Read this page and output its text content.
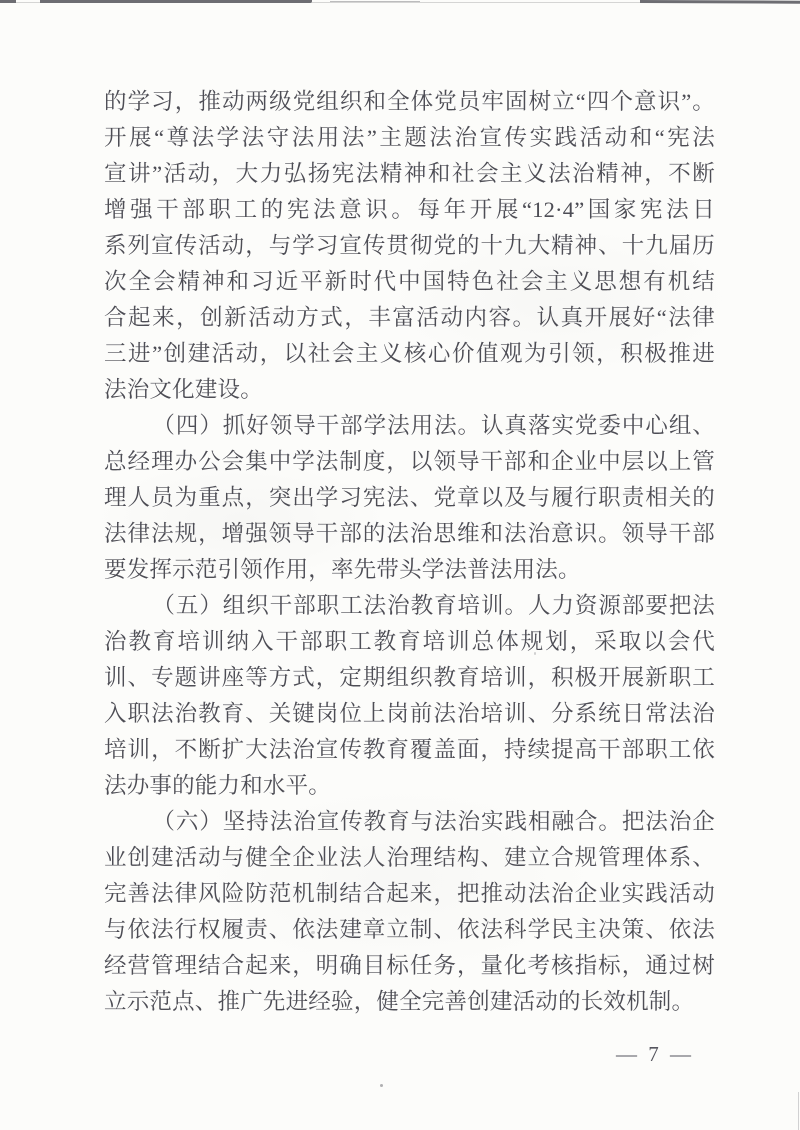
的学习，推动两级党组织和全体党员牢固树立“四个意识”。

开展“尊法学法守法用法”主题法治宣传实践活动和“宪法

宣讲”活动，大力弘扬宪法精神和社会主义法治精神，不断

增强干部职工的宪法意识。每年开展“12·4”国家宪法日

系列宣传活动，与学习宣传贯彻党的十九大精神、十九届历

次全会精神和习近平新时代中国特色社会主义思想有机结

合起来，创新活动方式，丰富活动内容。认真开展好“法律

三进”创建活动，以社会主义核心价值观为引领，积极推进

法治文化建设。

（四）抓好领导干部学法用法。认真落实党委中心组、

总经理办公会集中学法制度，以领导干部和企业中层以上管

理人员为重点，突出学习宪法、党章以及与履行职责相关的

法律法规，增强领导干部的法治思维和法治意识。领导干部

要发挥示范引领作用，率先带头学法普法用法。

（五）组织干部职工法治教育培训。人力资源部要把法

治教育培训纳入干部职工教育培训总体规划，采取以会代

训、专题讲座等方式，定期组织教育培训，积极开展新职工

入职法治教育、关键岗位上岗前法治培训、分系统日常法治

培训，不断扩大法治宣传教育覆盖面，持续提高干部职工依

法办事的能力和水平。

（六）坚持法治宣传教育与法治实践相融合。把法治企

业创建活动与健全企业法人治理结构、建立合规管理体系、

完善法律风险防范机制结合起来，把推动法治企业实践活动

与依法行权履责、依法建章立制、依法科学民主决策、依法

经营管理结合起来，明确目标任务，量化考核指标，通过树

立示范点、推广先进经验，健全完善创建活动的长效机制。

— 7 —
